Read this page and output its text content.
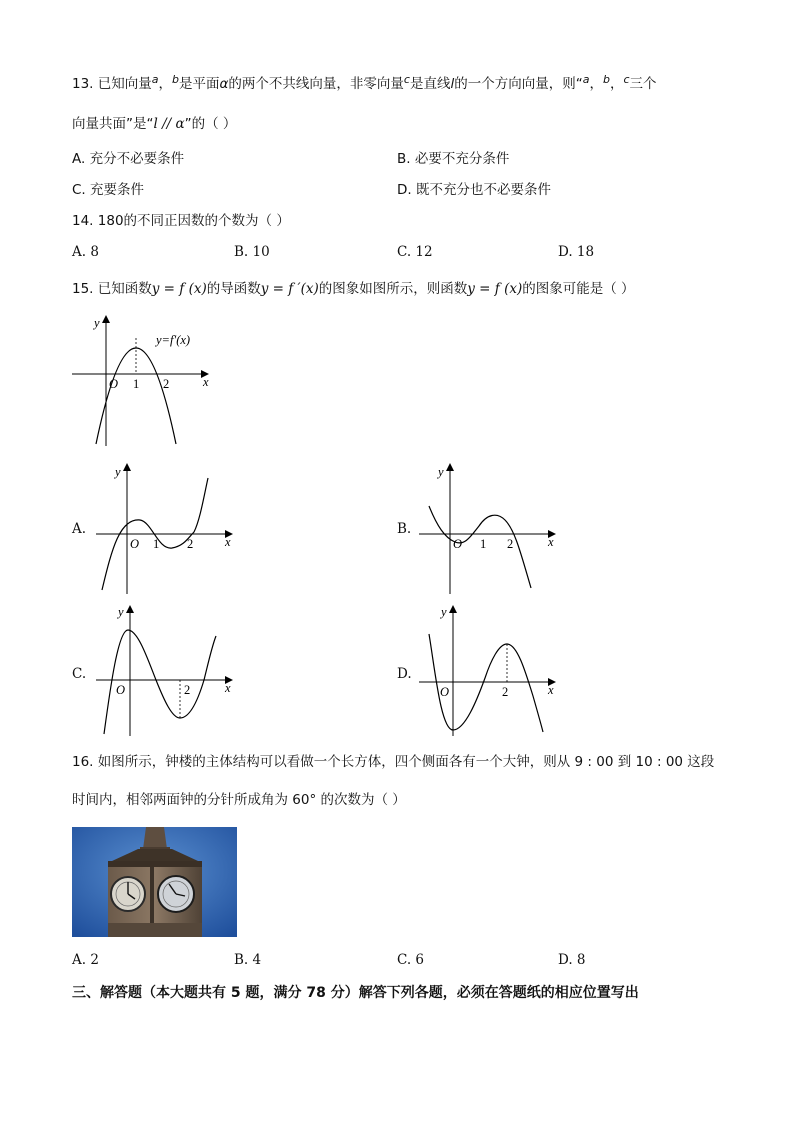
13. 已知向量$^a$，$^b$是平面α的两个不共线向量，非零向量$^c$是直线l的一个方向向量，则“$^a$，$^b$，$^c$三个
向量共面”是“l // α”的（ ）
A. 充分不必要条件	B. 必要不充分条件
C. 充要条件	D. 既不充分也不必要条件
14. 180的不同正因数的个数为（ ）
A. 8	B. 10	C. 12	D. 18
15. 已知函数y = f (x)的导函数y = f ′(x)的图象如图所示，则函数y = f (x)的图象可能是（ ）
y
y=f′(x)
O 1 2	x
A.
y
O 1 2	x
B.
y
O 1 2	x
C.
y
O	2	x
D.
y
O	2	x
16. 如图所示，钟楼的主体结构可以看做一个长方体，四个侧面各有一个大钟，则从 9 : 00 到 10 : 00 这段
时间内，相邻两面钟的分针所成角为 60° 的次数为（ ）
A. 2	B. 4	C. 6	D. 8
三、解答题（本大题共有 5 题，满分 78 分）解答下列各题，必须在答题纸的相应位置写出
